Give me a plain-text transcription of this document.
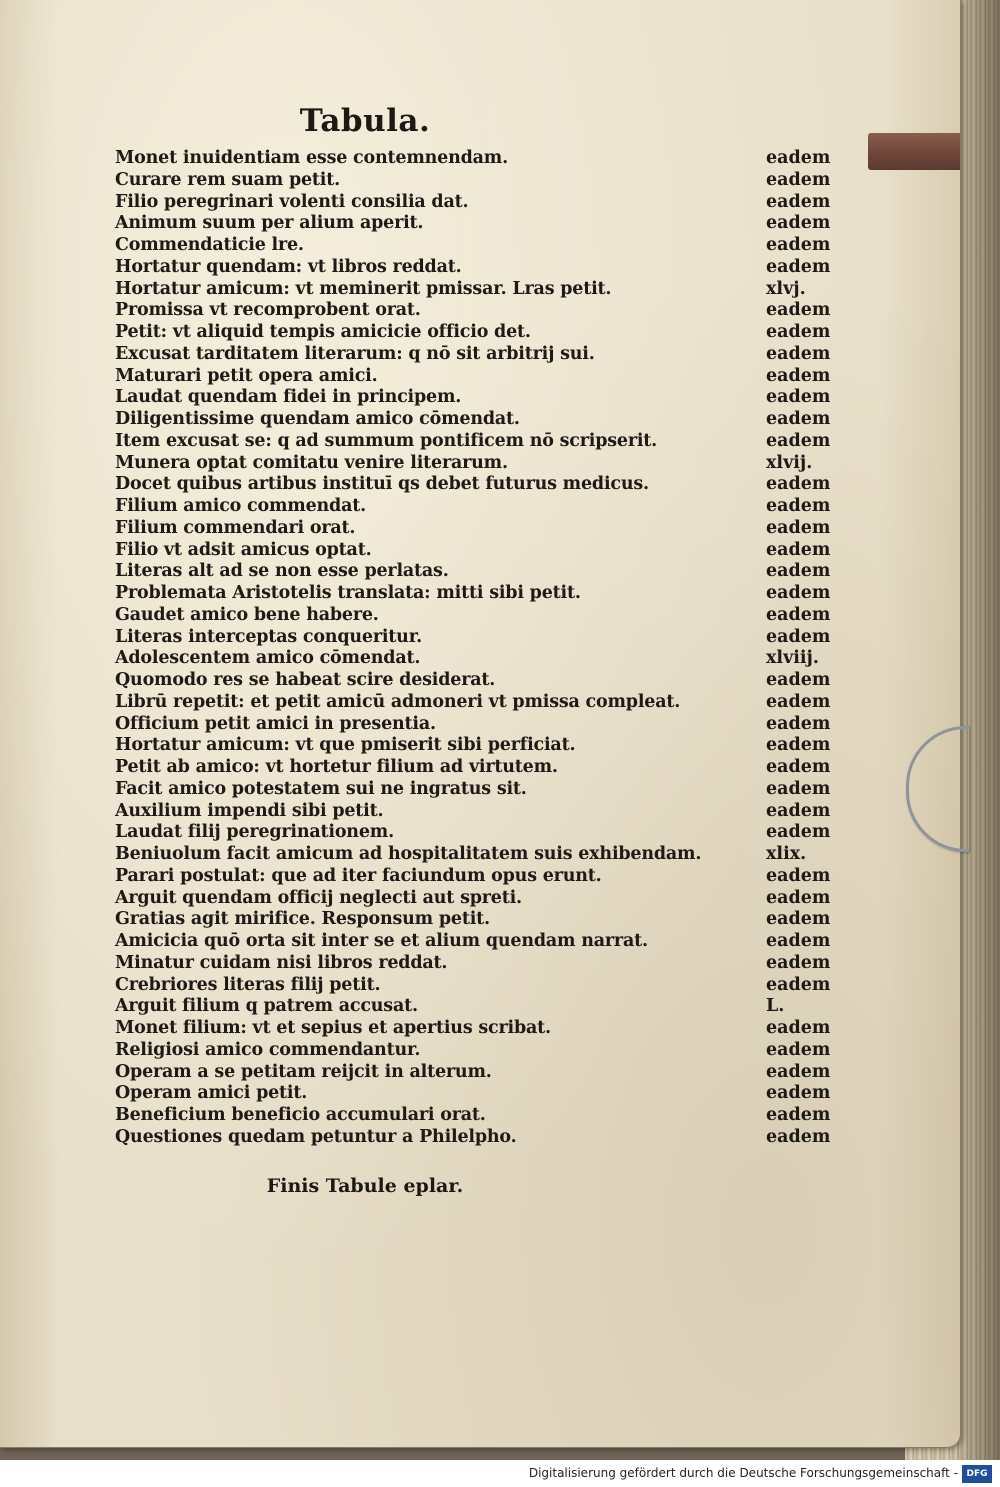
Tabula.
Monet inuidentiam esse contemnendam.	eadem
Curare rem suam petit.	eadem
Filio peregrinari volenti consilia dat.	eadem
Animum suum per alium aperit.	eadem
Commendaticie lre.	eadem
Hortatur quendam: vt libros reddat.	eadem
Hortatur amicum: vt meminerit pmissar. Lras petit.	xlvj.
Promissa vt recomprobent orat.	eadem
Petit: vt aliquid tempis amicicie officio det.	eadem
Excusat tarditatem literarum: q nō sit arbitrij sui.	eadem
Maturari petit opera amici.	eadem
Laudat quendam fidei in principem.	eadem
Diligentissime quendam amico cōmendat.	eadem
Item excusat se: q ad summum pontificem nō scripserit.	eadem
Munera optat comitatu venire literarum.	xlvij.
Docet quibus artibus instituī qs debet futurus medicus.	eadem
Filium amico commendat.	eadem
Filium commendari orat.	eadem
Filio vt adsit amicus optat.	eadem
Literas alt ad se non esse perlatas.	eadem
Problemata Aristotelis translata: mitti sibi petit.	eadem
Gaudet amico bene habere.	eadem
Literas interceptas conqueritur.	eadem
Adolescentem amico cōmendat.	xlviij.
Quomodo res se habeat scire desiderat.	eadem
Librū repetit: et petit amicū admoneri vt pmissa compleat.	eadem
Officium petit amici in presentia.	eadem
Hortatur amicum: vt que pmiserit sibi perficiat.	eadem
Petit ab amico: vt hortetur filium ad virtutem.	eadem
Facit amico potestatem sui ne ingratus sit.	eadem
Auxilium impendi sibi petit.	eadem
Laudat filij peregrinationem.	eadem
Beniuolum facit amicum ad hospitalitatem suis exhibendam.	xlix.
Parari postulat: que ad iter faciundum opus erunt.	eadem
Arguit quendam officij neglecti aut spreti.	eadem
Gratias agit mirifice. Responsum petit.	eadem
Amicicia quō orta sit inter se et alium quendam narrat.	eadem
Minatur cuidam nisi libros reddat.	eadem
Crebriores literas filij petit.	eadem
Arguit filium q patrem accusat.	L.
Monet filium: vt et sepius et apertius scribat.	eadem
Religiosi amico commendantur.	eadem
Operam a se petitam reijcit in alterum.	eadem
Operam amici petit.	eadem
Beneficium beneficio accumulari orat.	eadem
Questiones quedam petuntur a Philelpho.	eadem
Finis Tabule eplar.
Digitalisierung gefördert durch die Deutsche Forschungsgemeinschaft - DFG
